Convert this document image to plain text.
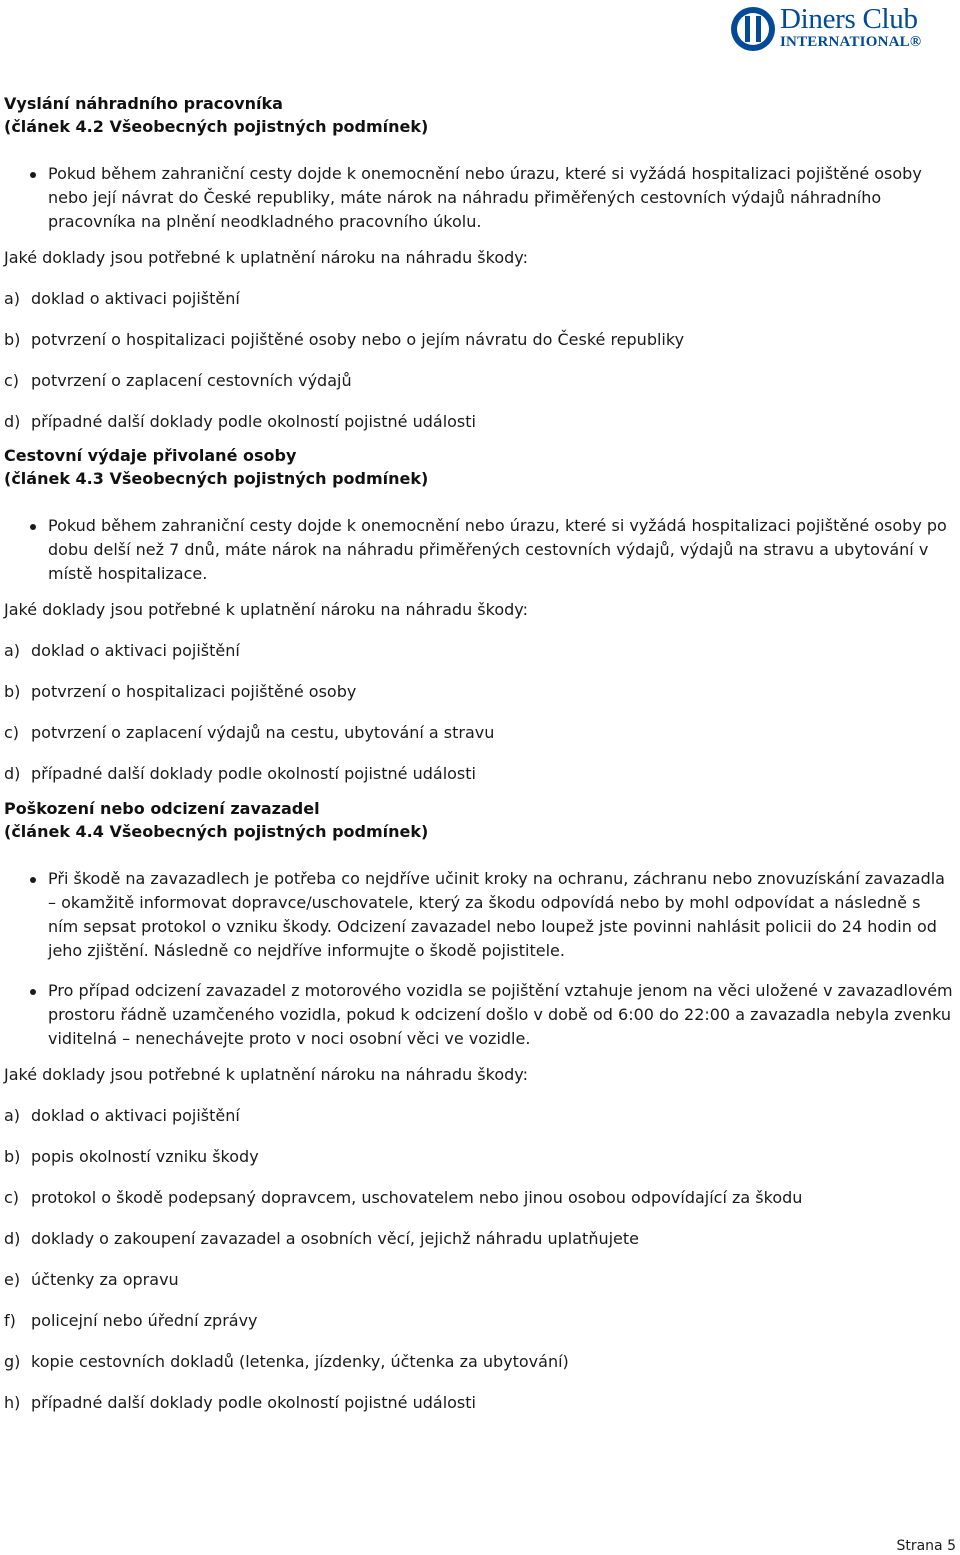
Diners Club
INTERNATIONAL®
Vyslání náhradního pracovníka
(článek 4.2 Všeobecných pojistných podmínek)
Pokud během zahraniční cesty dojde k onemocnění nebo úrazu, které si vyžádá hospitalizaci pojištěné osoby nebo její návrat do České republiky, máte nárok na náhradu přiměřených cestovních výdajů náhradního pracovníka na plnění neodkladného pracovního úkolu.

Jaké doklady jsou potřebné k uplatnění nároku na náhradu škody:

a) doklad o aktivaci pojištění
b) potvrzení o hospitalizaci pojištěné osoby nebo o jejím návratu do České republiky
c) potvrzení o zaplacení cestovních výdajů
d) případné další doklady podle okolností pojistné události
Cestovní výdaje přivolané osoby
(článek 4.3 Všeobecných pojistných podmínek)
Pokud během zahraniční cesty dojde k onemocnění nebo úrazu, které si vyžádá hospitalizaci pojištěné osoby po dobu delší než 7 dnů, máte nárok na náhradu přiměřených cestovních výdajů, výdajů na stravu a ubytování v místě hospitalizace.

Jaké doklady jsou potřebné k uplatnění nároku na náhradu škody:

a) doklad o aktivaci pojištění
b) potvrzení o hospitalizaci pojištěné osoby
c) potvrzení o zaplacení výdajů na cestu, ubytování a stravu
d) případné další doklady podle okolností pojistné události
Poškození nebo odcizení zavazadel
(článek 4.4 Všeobecných pojistných podmínek)
Při škodě na zavazadlech je potřeba co nejdříve učinit kroky na ochranu, záchranu nebo znovuzískání zavazadla – okamžitě informovat dopravce/uschovatele, který za škodu odpovídá nebo by mohl odpovídat a následně s ním sepsat protokol o vzniku škody. Odcizení zavazadel nebo loupež jste povinni nahlásit policii do 24 hodin od jeho zjištění. Následně co nejdříve informujte o škodě pojistitele.
Pro případ odcizení zavazadel z motorového vozidla se pojištění vztahuje jenom na věci uložené v zavazadlovém prostoru řádně uzamčeného vozidla, pokud k odcizení došlo v době od 6:00 do 22:00 a zavazadla nebyla zvenku viditelná – nenechávejte proto v noci osobní věci ve vozidle.

Jaké doklady jsou potřebné k uplatnění nároku na náhradu škody:

a) doklad o aktivaci pojištění
b) popis okolností vzniku škody
c) protokol o škodě podepsaný dopravcem, uschovatelem nebo jinou osobou odpovídající za škodu
d) doklady o zakoupení zavazadel a osobních věcí, jejichž náhradu uplatňujete
e) účtenky za opravu
f) policejní nebo úřední zprávy
g) kopie cestovních dokladů (letenka, jízdenky, účtenka za ubytování)
h) případné další doklady podle okolností pojistné události
Strana 5
